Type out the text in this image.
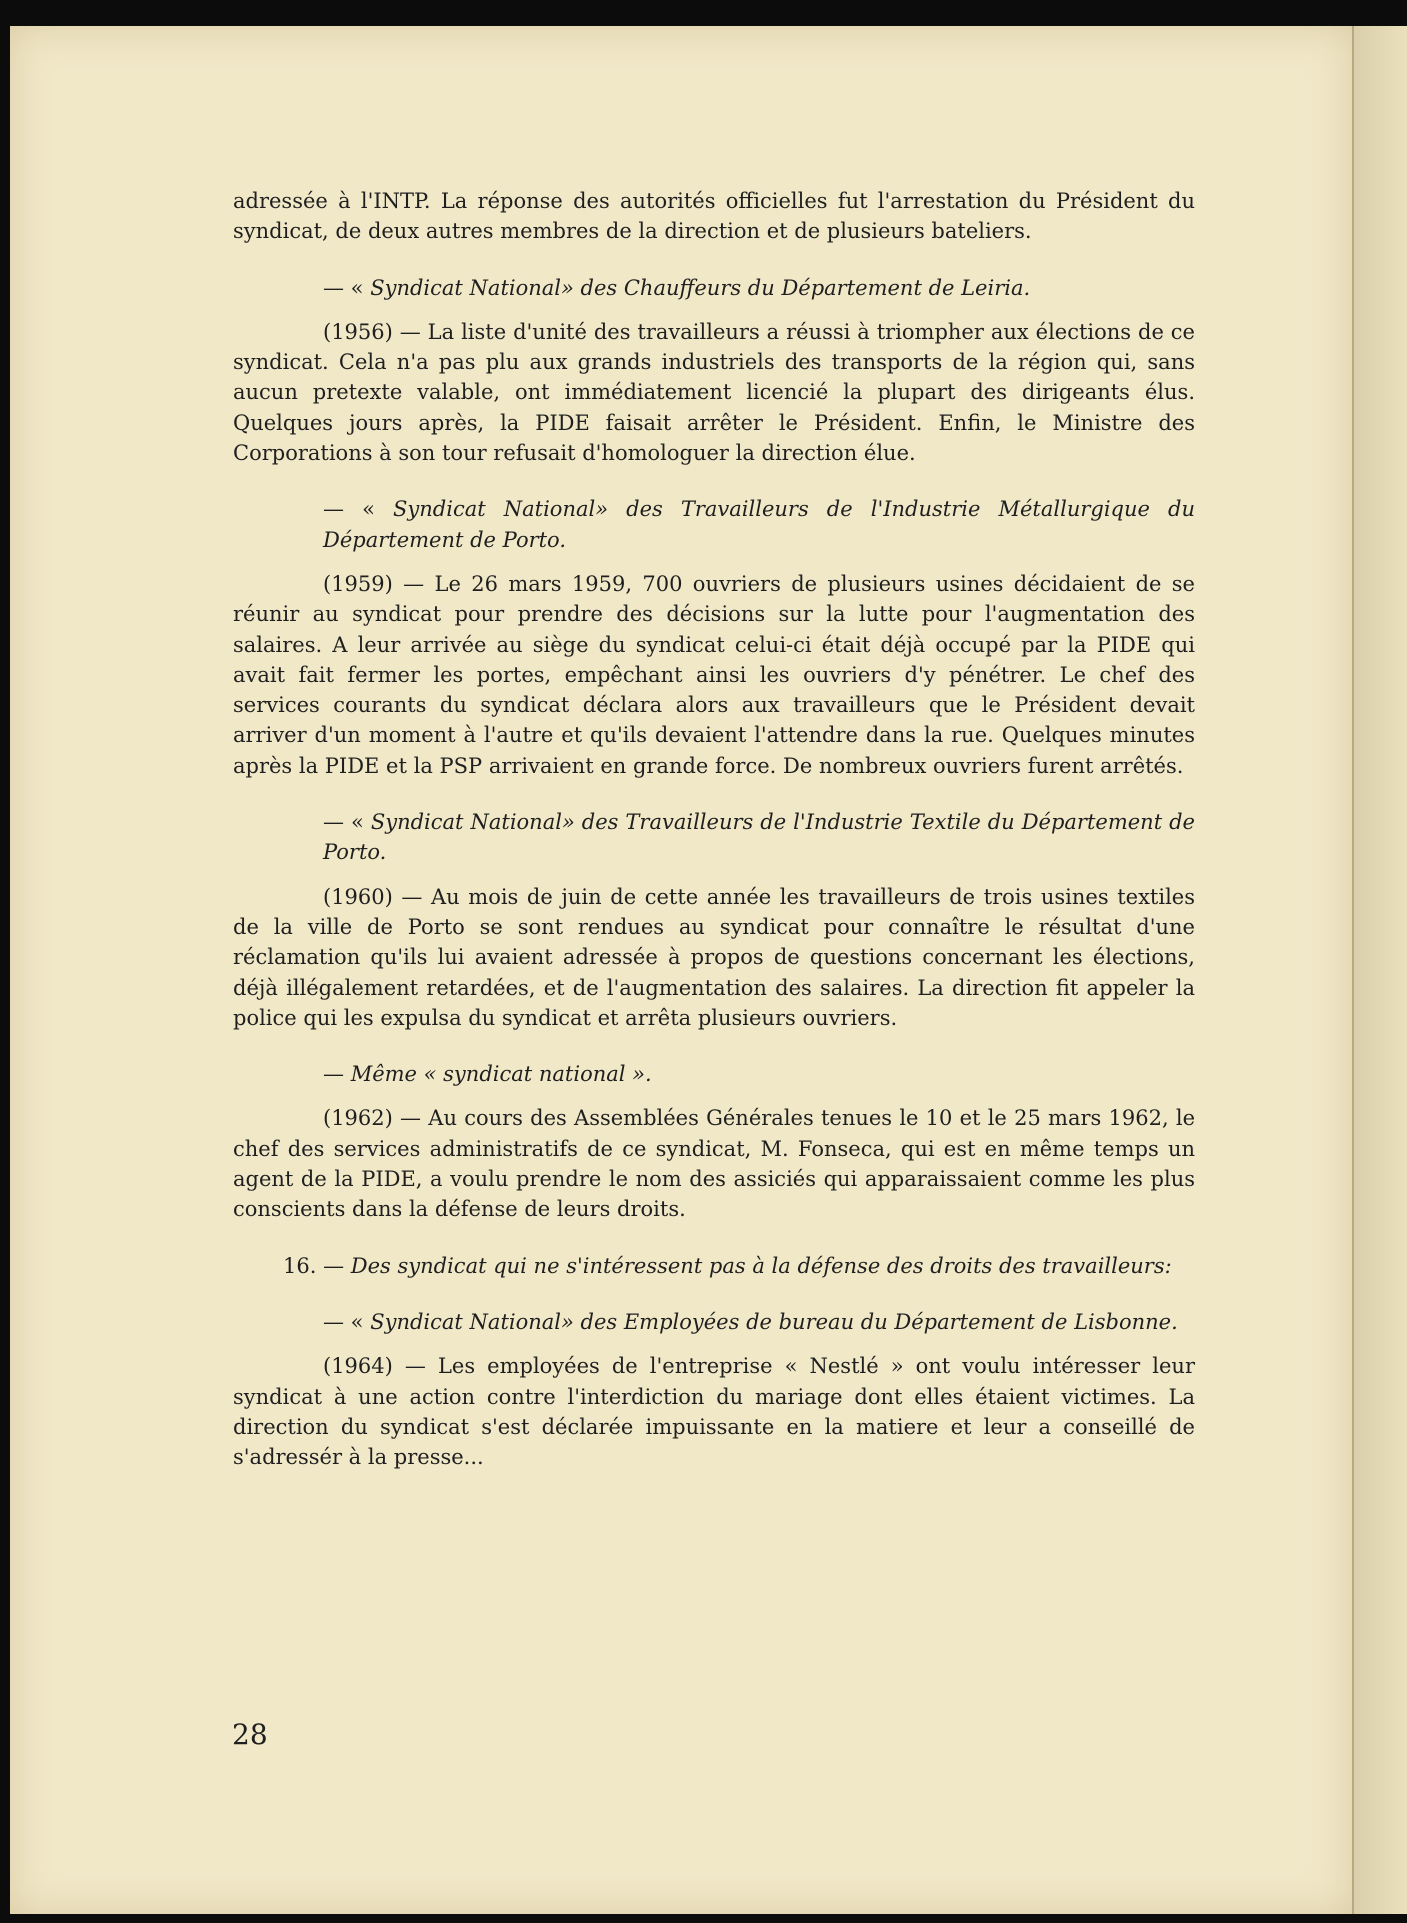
adressée à l'INTP. La réponse des autorités officielles fut l'arrestation du Président du syndicat, de deux autres membres de la direction et de plusieurs bateliers.

— « Syndicat National» des Chauffeurs du Département de Leiria.

(1956) — La liste d'unité des travailleurs a réussi à triompher aux élections de ce syndicat. Cela n'a pas plu aux grands industriels des transports de la région qui, sans aucun pretexte valable, ont immédiatement licencié la plupart des dirigeants élus. Quelques jours après, la PIDE faisait arrêter le Président. Enfin, le Ministre des Corporations à son tour refusait d'homologuer la direction élue.

— « Syndicat National» des Travailleurs de l'Industrie Métallurgique du Département de Porto.

(1959) — Le 26 mars 1959, 700 ouvriers de plusieurs usines décidaient de se réunir au syndicat pour prendre des décisions sur la lutte pour l'augmentation des salaires. A leur arrivée au siège du syndicat celui-ci était déjà occupé par la PIDE qui avait fait fermer les portes, empêchant ainsi les ouvriers d'y pénétrer. Le chef des services courants du syndicat déclara alors aux travailleurs que le Président devait arriver d'un moment à l'autre et qu'ils devaient l'attendre dans la rue. Quelques minutes après la PIDE et la PSP arrivaient en grande force. De nombreux ouvriers furent arrêtés.

— « Syndicat National» des Travailleurs de l'Industrie Textile du Département de Porto.

(1960) — Au mois de juin de cette année les travailleurs de trois usines textiles de la ville de Porto se sont rendues au syndicat pour connaître le résultat d'une réclamation qu'ils lui avaient adressée à propos de questions concernant les élections, déjà illégalement retardées, et de l'augmentation des salaires. La direction fit appeler la police qui les expulsa du syndicat et arrêta plusieurs ouvriers.

— Même « syndicat national ».

(1962) — Au cours des Assemblées Générales tenues le 10 et le 25 mars 1962, le chef des services administratifs de ce syndicat, M. Fonseca, qui est en même temps un agent de la PIDE, a voulu prendre le nom des assiciés qui apparaissaient comme les plus conscients dans la défense de leurs droits.

16. — Des syndicat qui ne s'intéressent pas à la défense des droits des travailleurs:

— « Syndicat National» des Employées de bureau du Département de Lisbonne.

(1964) — Les employées de l'entreprise « Nestlé » ont voulu intéresser leur syndicat à une action contre l'interdiction du mariage dont elles étaient victimes. La direction du syndicat s'est déclarée impuissante en la matiere et leur a conseillé de s'adressér à la presse...

28
